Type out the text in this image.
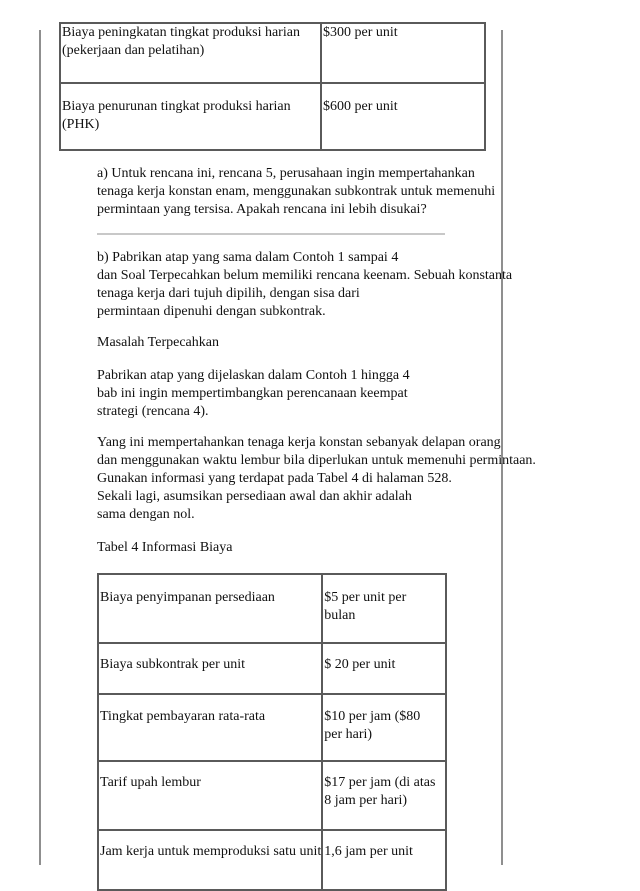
Biaya peningkatan tingkat produksi harian
(pekerjaan dan pelatihan)	$300 per unit
Biaya penurunan tingkat produksi harian
(PHK)	$600 per unit
a) Untuk rencana ini, rencana 5, perusahaan ingin mempertahankan
tenaga kerja konstan enam, menggunakan subkontrak untuk memenuhi
permintaan yang tersisa. Apakah rencana ini lebih disukai?
b) Pabrikan atap yang sama dalam Contoh 1 sampai 4
dan Soal Terpecahkan belum memiliki rencana keenam. Sebuah konstanta
tenaga kerja dari tujuh dipilih, dengan sisa dari
permintaan dipenuhi dengan subkontrak.
Masalah Terpecahkan
Pabrikan atap yang dijelaskan dalam Contoh 1 hingga 4
bab ini ingin mempertimbangkan perencanaan keempat
strategi (rencana 4).
Yang ini mempertahankan tenaga kerja konstan sebanyak delapan orang
dan menggunakan waktu lembur bila diperlukan untuk memenuhi permintaan.
Gunakan informasi yang terdapat pada Tabel 4 di halaman 528.
Sekali lagi, asumsikan persediaan awal dan akhir adalah
sama dengan nol.
Tabel 4 Informasi Biaya
Biaya penyimpanan persediaan	$5 per unit per
bulan
Biaya subkontrak per unit	$ 20 per unit
Tingkat pembayaran rata-rata	$10 per jam ($80
per hari)
Tarif upah lembur	$17 per jam (di atas
8 jam per hari)
Jam kerja untuk memproduksi satu unit	1,6 jam per unit
